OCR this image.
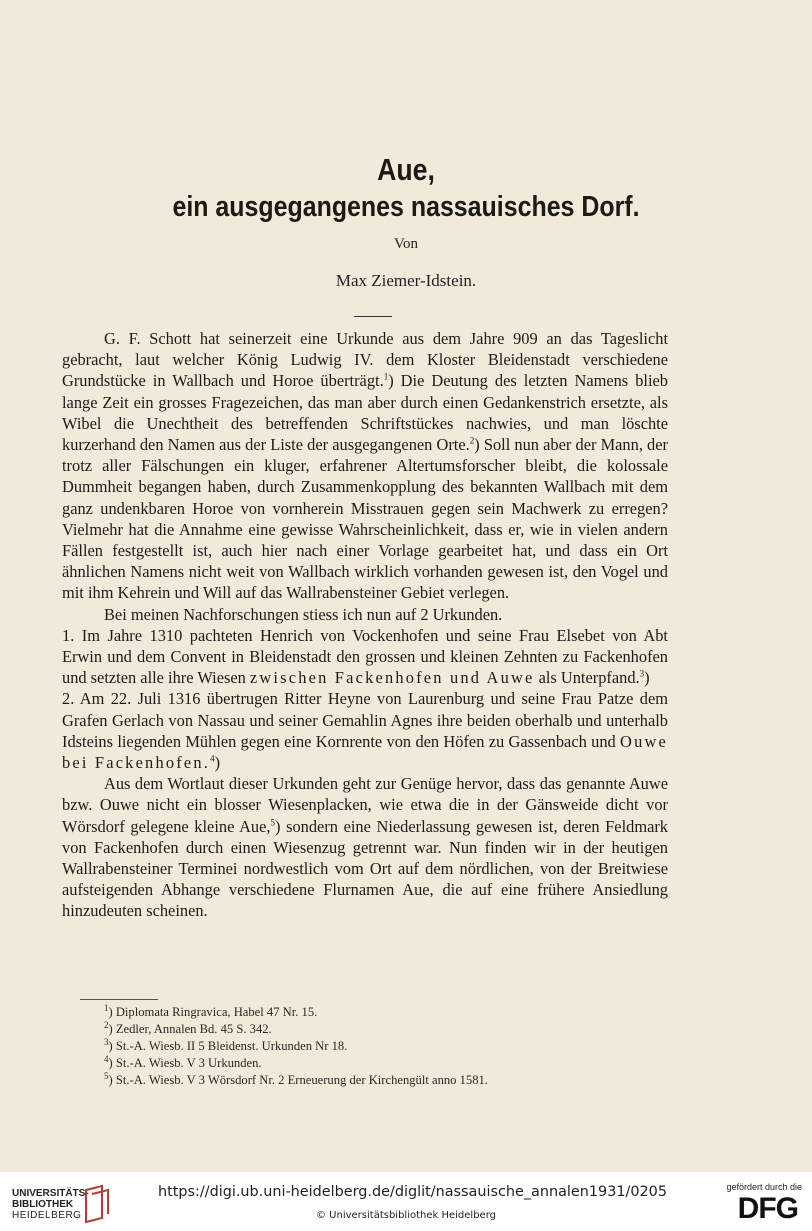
Aue,
ein ausgegangenes nassauisches Dorf.
Von
Max Ziemer-Idstein.

G. F. Schott hat seinerzeit eine Urkunde aus dem Jahre 909 an das Tageslicht gebracht, laut welcher König Ludwig IV. dem Kloster Bleidenstadt verschiedene Grundstücke in Wallbach und Horoe überträgt.$^1$) Die Deutung des letzten Namens blieb lange Zeit ein grosses Fragezeichen, das man aber durch einen Gedankenstrich ersetzte, als Wibel die Unechtheit des betreffenden Schriftstückes nachwies, und man löschte kurzerhand den Namen aus der Liste der ausgegangenen Orte.$^2$) Soll nun aber der Mann, der trotz aller Fälschungen ein kluger, erfahrener Altertumsforscher bleibt, die kolossale Dummheit begangen haben, durch Zusammenkopplung des bekannten Wallbach mit dem ganz undenkbaren Horoe von vornherein Misstrauen gegen sein Machwerk zu erregen? Vielmehr hat die Annahme eine gewisse Wahrscheinlichkeit, dass er, wie in vielen andern Fällen festgestellt ist, auch hier nach einer Vorlage gearbeitet hat, und dass ein Ort ähnlichen Namens nicht weit von Wallbach wirklich vorhanden gewesen ist, den Vogel und mit ihm Kehrein und Will auf das Wallrabensteiner Gebiet verlegen.

Bei meinen Nachforschungen stiess ich nun auf 2 Urkunden.

1. Im Jahre 1310 pachteten Henrich von Vockenhofen und seine Frau Elsebet von Abt Erwin und dem Convent in Bleidenstadt den grossen und kleinen Zehnten zu Fackenhofen und setzten alle ihre Wiesen zwischen Fackenhofen und Auwe als Unterpfand.$^3$)

2. Am 22. Juli 1316 übertrugen Ritter Heyne von Laurenburg und seine Frau Patze dem Grafen Gerlach von Nassau und seiner Gemahlin Agnes ihre beiden oberhalb und unterhalb Idsteins liegenden Mühlen gegen eine Kornrente von den Höfen zu Gassenbach und Ouwe bei Fackenhofen.$^4$)

Aus dem Wortlaut dieser Urkunden geht zur Genüge hervor, dass das genannte Auwe bzw. Ouwe nicht ein blosser Wiesenplacken, wie etwa die in der Gänsweide dicht vor Wörsdorf gelegene kleine Aue,$^5$) sondern eine Niederlassung gewesen ist, deren Feldmark von Fackenhofen durch einen Wiesenzug getrennt war. Nun finden wir in der heutigen Wallrabensteiner Terminei nordwestlich vom Ort auf dem nördlichen, von der Breitwiese aufsteigenden Abhange verschiedene Flurnamen Aue, die auf eine frühere Ansiedlung hinzudeuten scheinen.

$^1$) Diplomata Ringravica, Habel 47 Nr. 15.
$^2$) Zedler, Annalen Bd. 45 S. 342.
$^3$) St.-A. Wiesb. II 5 Bleidenst. Urkunden Nr 18.
$^4$) St.-A. Wiesb. V 3 Urkunden.
$^5$) St.-A. Wiesb. V 3 Wörsdorf Nr. 2 Erneuerung der Kirchengült anno 1581.
UNIVERSITÄTS-
BIBLIOTHEK
HEIDELBERG
https://digi.ub.uni-heidelberg.de/diglit/nassauische_annalen1931/0205
© Universitätsbibliothek Heidelberg
gefördert durch die
DFG
